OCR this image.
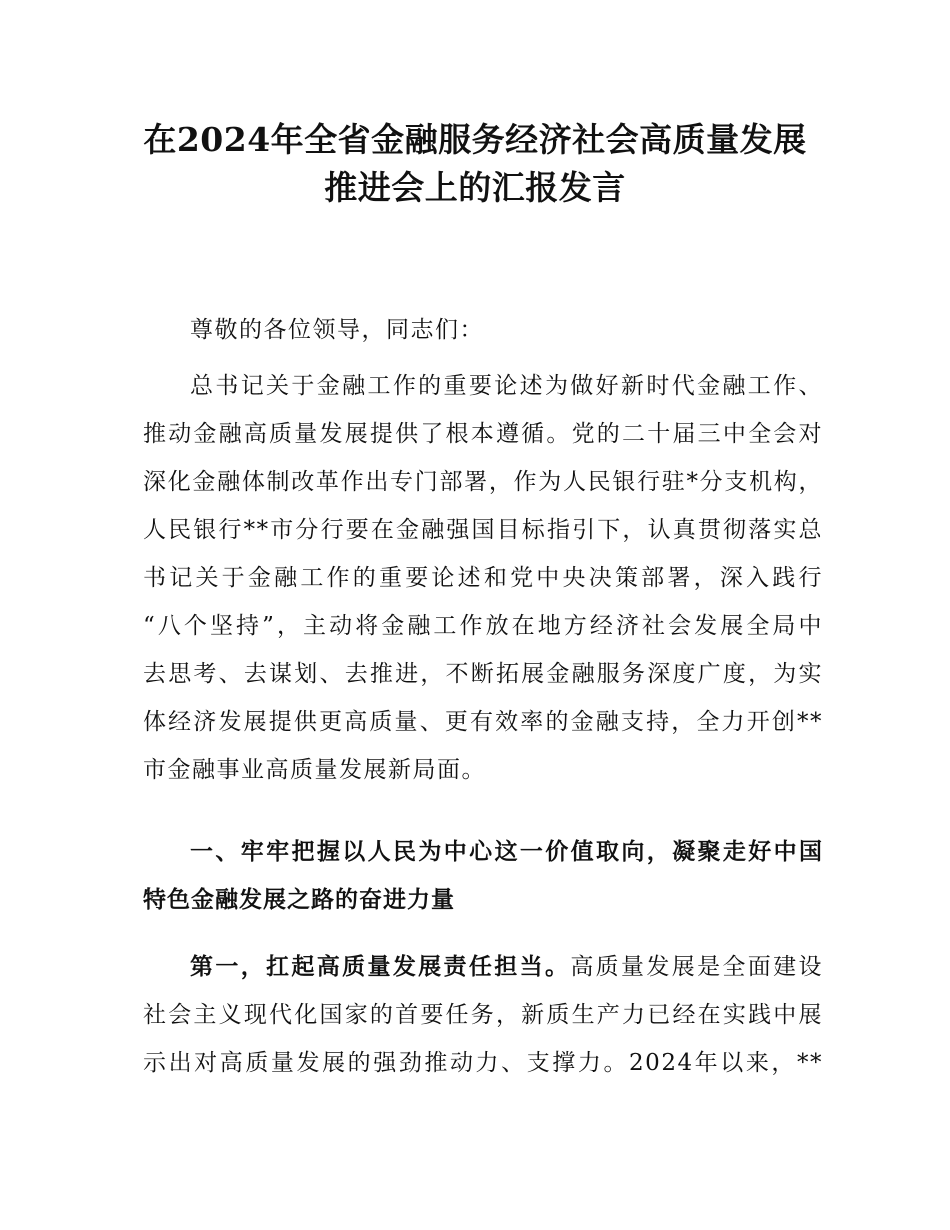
在2024年全省金融服务经济社会高质量发展
推进会上的汇报发言
尊敬的各位领导，同志们：
总书记关于金融工作的重要论述为做好新时代金融工作、
推动金融高质量发展提供了根本遵循。党的二十届三中全会对
深化金融体制改革作出专门部署，作为人民银行驻*分支机构，
人民银行**市分行要在金融强国目标指引下，认真贯彻落实总
书记关于金融工作的重要论述和党中央决策部署，深入践行
“八个坚持”，主动将金融工作放在地方经济社会发展全局中
去思考、去谋划、去推进，不断拓展金融服务深度广度，为实
体经济发展提供更高质量、更有效率的金融支持，全力开创**
市金融事业高质量发展新局面。
一、牢牢把握以人民为中心这一价值取向，凝聚走好中国
特色金融发展之路的奋进力量
第一，扛起高质量发展责任担当。高质量发展是全面建设
社会主义现代化国家的首要任务，新质生产力已经在实践中展
示出对高质量发展的强劲推动力、支撑力。2024年以来，**
